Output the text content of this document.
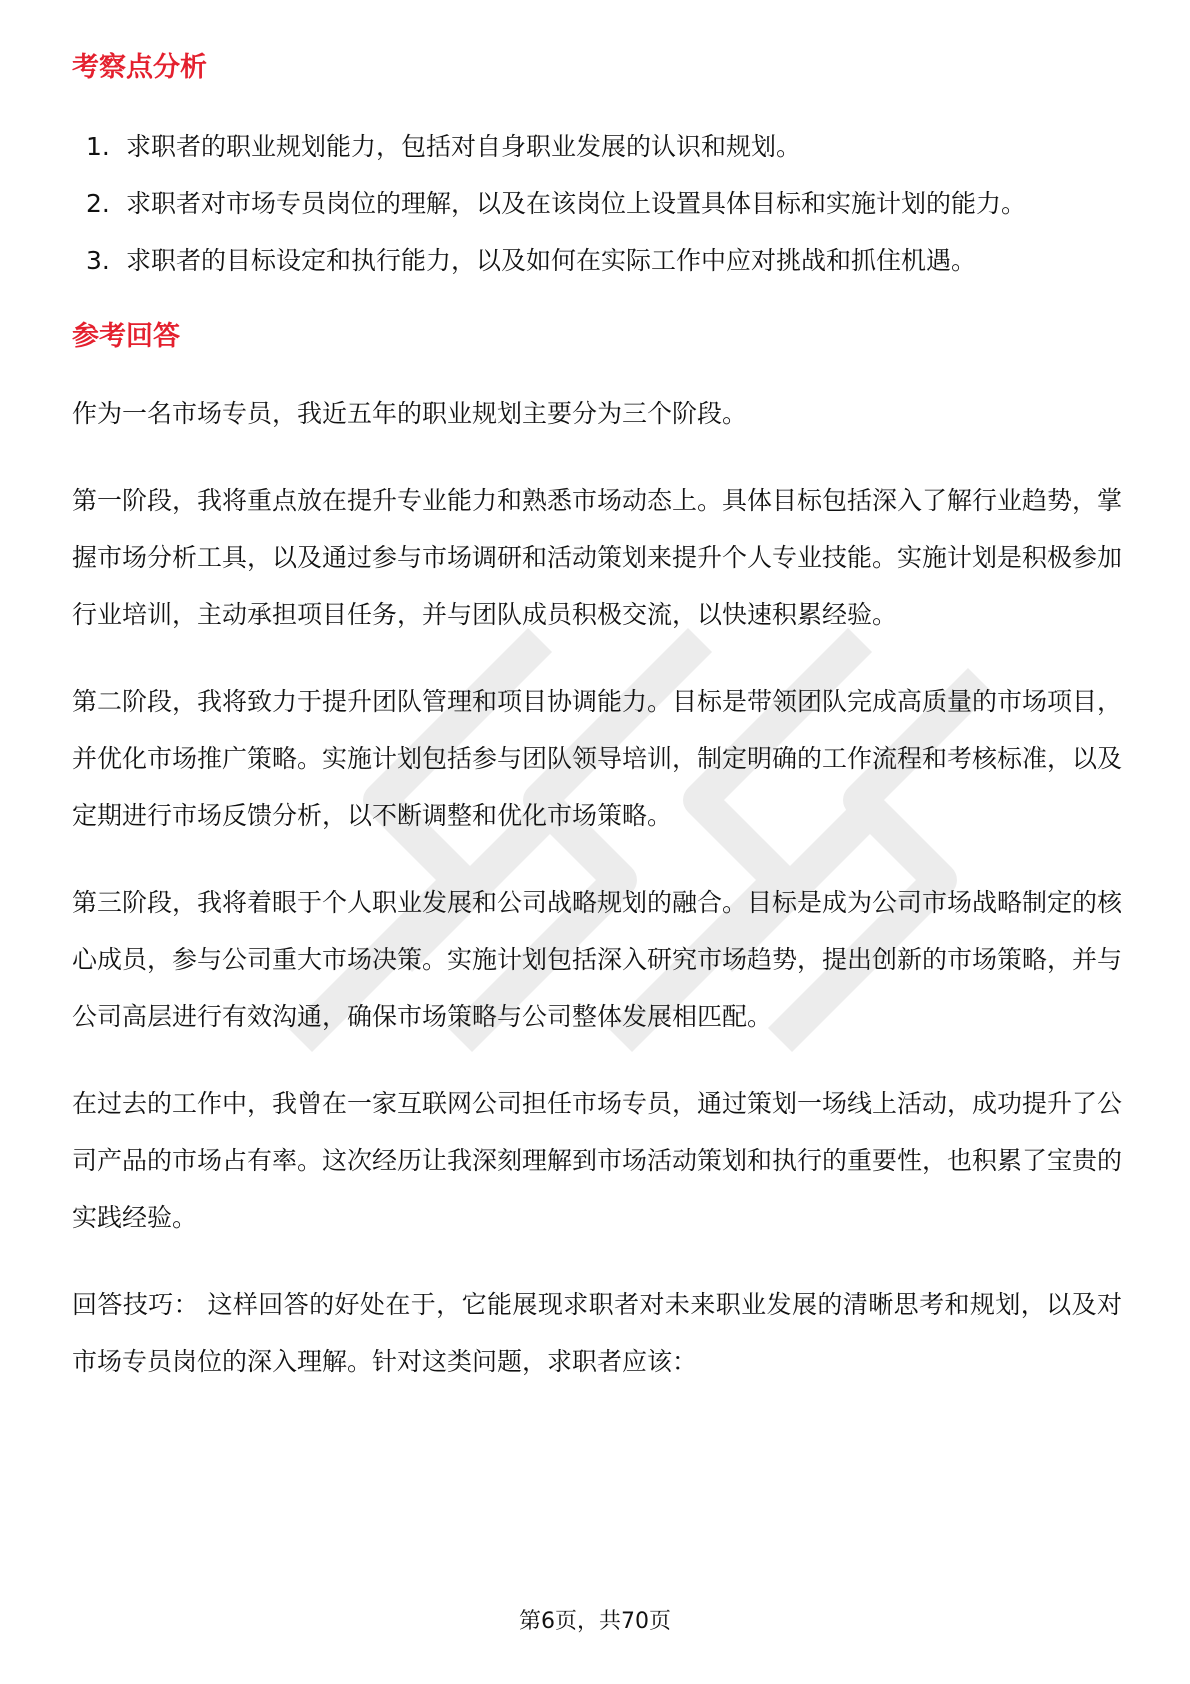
考察点分析
1. 求职者的职业规划能力，包括对自身职业发展的认识和规划。
2. 求职者对市场专员岗位的理解，以及在该岗位上设置具体目标和实施计划的能力。
3. 求职者的目标设定和执行能力，以及如何在实际工作中应对挑战和抓住机遇。
参考回答

作为一名市场专员，我近五年的职业规划主要分为三个阶段。

第一阶段，我将重点放在提升专业能力和熟悉市场动态上。具体目标包括深入了解行业趋势，掌握市场分析工具，以及通过参与市场调研和活动策划来提升个人专业技能。实施计划是积极参加行业培训，主动承担项目任务，并与团队成员积极交流，以快速积累经验。

第二阶段，我将致力于提升团队管理和项目协调能力。目标是带领团队完成高质量的市场项目，并优化市场推广策略。实施计划包括参与团队领导培训，制定明确的工作流程和考核标准，以及定期进行市场反馈分析，以不断调整和优化市场策略。

第三阶段，我将着眼于个人职业发展和公司战略规划的融合。目标是成为公司市场战略制定的核心成员，参与公司重大市场决策。实施计划包括深入研究市场趋势，提出创新的市场策略，并与公司高层进行有效沟通，确保市场策略与公司整体发展相匹配。

在过去的工作中，我曾在一家互联网公司担任市场专员，通过策划一场线上活动，成功提升了公司产品的市场占有率。这次经历让我深刻理解到市场活动策划和执行的重要性，也积累了宝贵的实践经验。

回答技巧： 这样回答的好处在于，它能展现求职者对未来职业发展的清晰思考和规划，以及对市场专员岗位的深入理解。针对这类问题，求职者应该：

第6页，共70页
